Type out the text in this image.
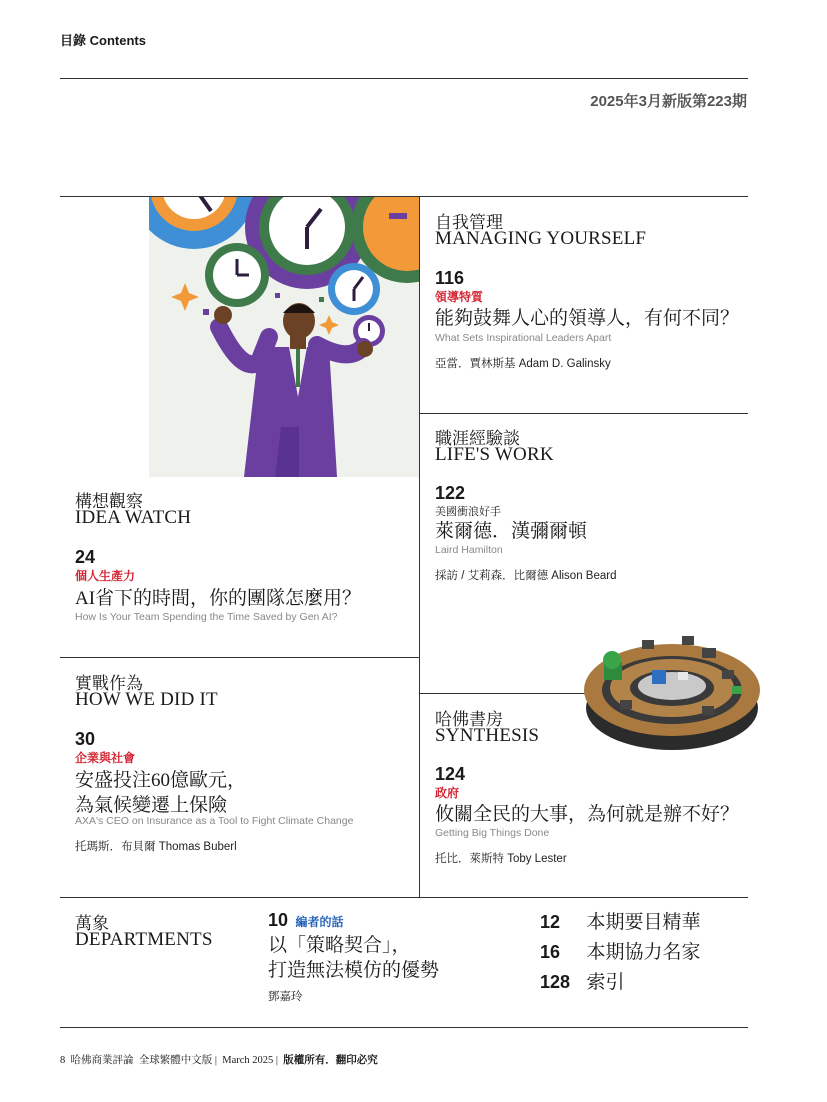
目錄 Contents
2025年3月新版第223期
自我管理
MANAGING YOURSELF
116
領導特質
能夠鼓舞人心的領導人，有何不同？
What Sets Inspirational Leaders Apart
亞當．賈林斯基 Adam D. Galinsky
職涯經驗談
LIFE'S WORK
122
美國衝浪好手
萊爾德．漢彌爾頓
Laird Hamilton
採訪 / 艾莉森．比爾德 Alison Beard
構想觀察
IDEA WATCH
24
個人生產力
AI省下的時間，你的團隊怎麼用？
How Is Your Team Spending the Time Saved by Gen AI?
實戰作為
HOW WE DID IT
30
企業與社會
安盛投注60億歐元，
為氣候變遷上保險
AXA's CEO on Insurance as a Tool to Fight Climate Change
托瑪斯．布貝爾 Thomas Buberl
哈佛書房
SYNTHESIS
124
政府
攸關全民的大事，為何就是辦不好？
Getting Big Things Done
托比．萊斯特 Toby Lester
萬象
DEPARTMENTS
10 編者的話
以「策略契合」，
打造無法模仿的優勢
鄧嘉玲
12 本期要目精華
16 本期協力名家
128 索引
8 哈佛商業評論 全球繁體中文版 |  March 2025 |  版權所有．翻印必究
